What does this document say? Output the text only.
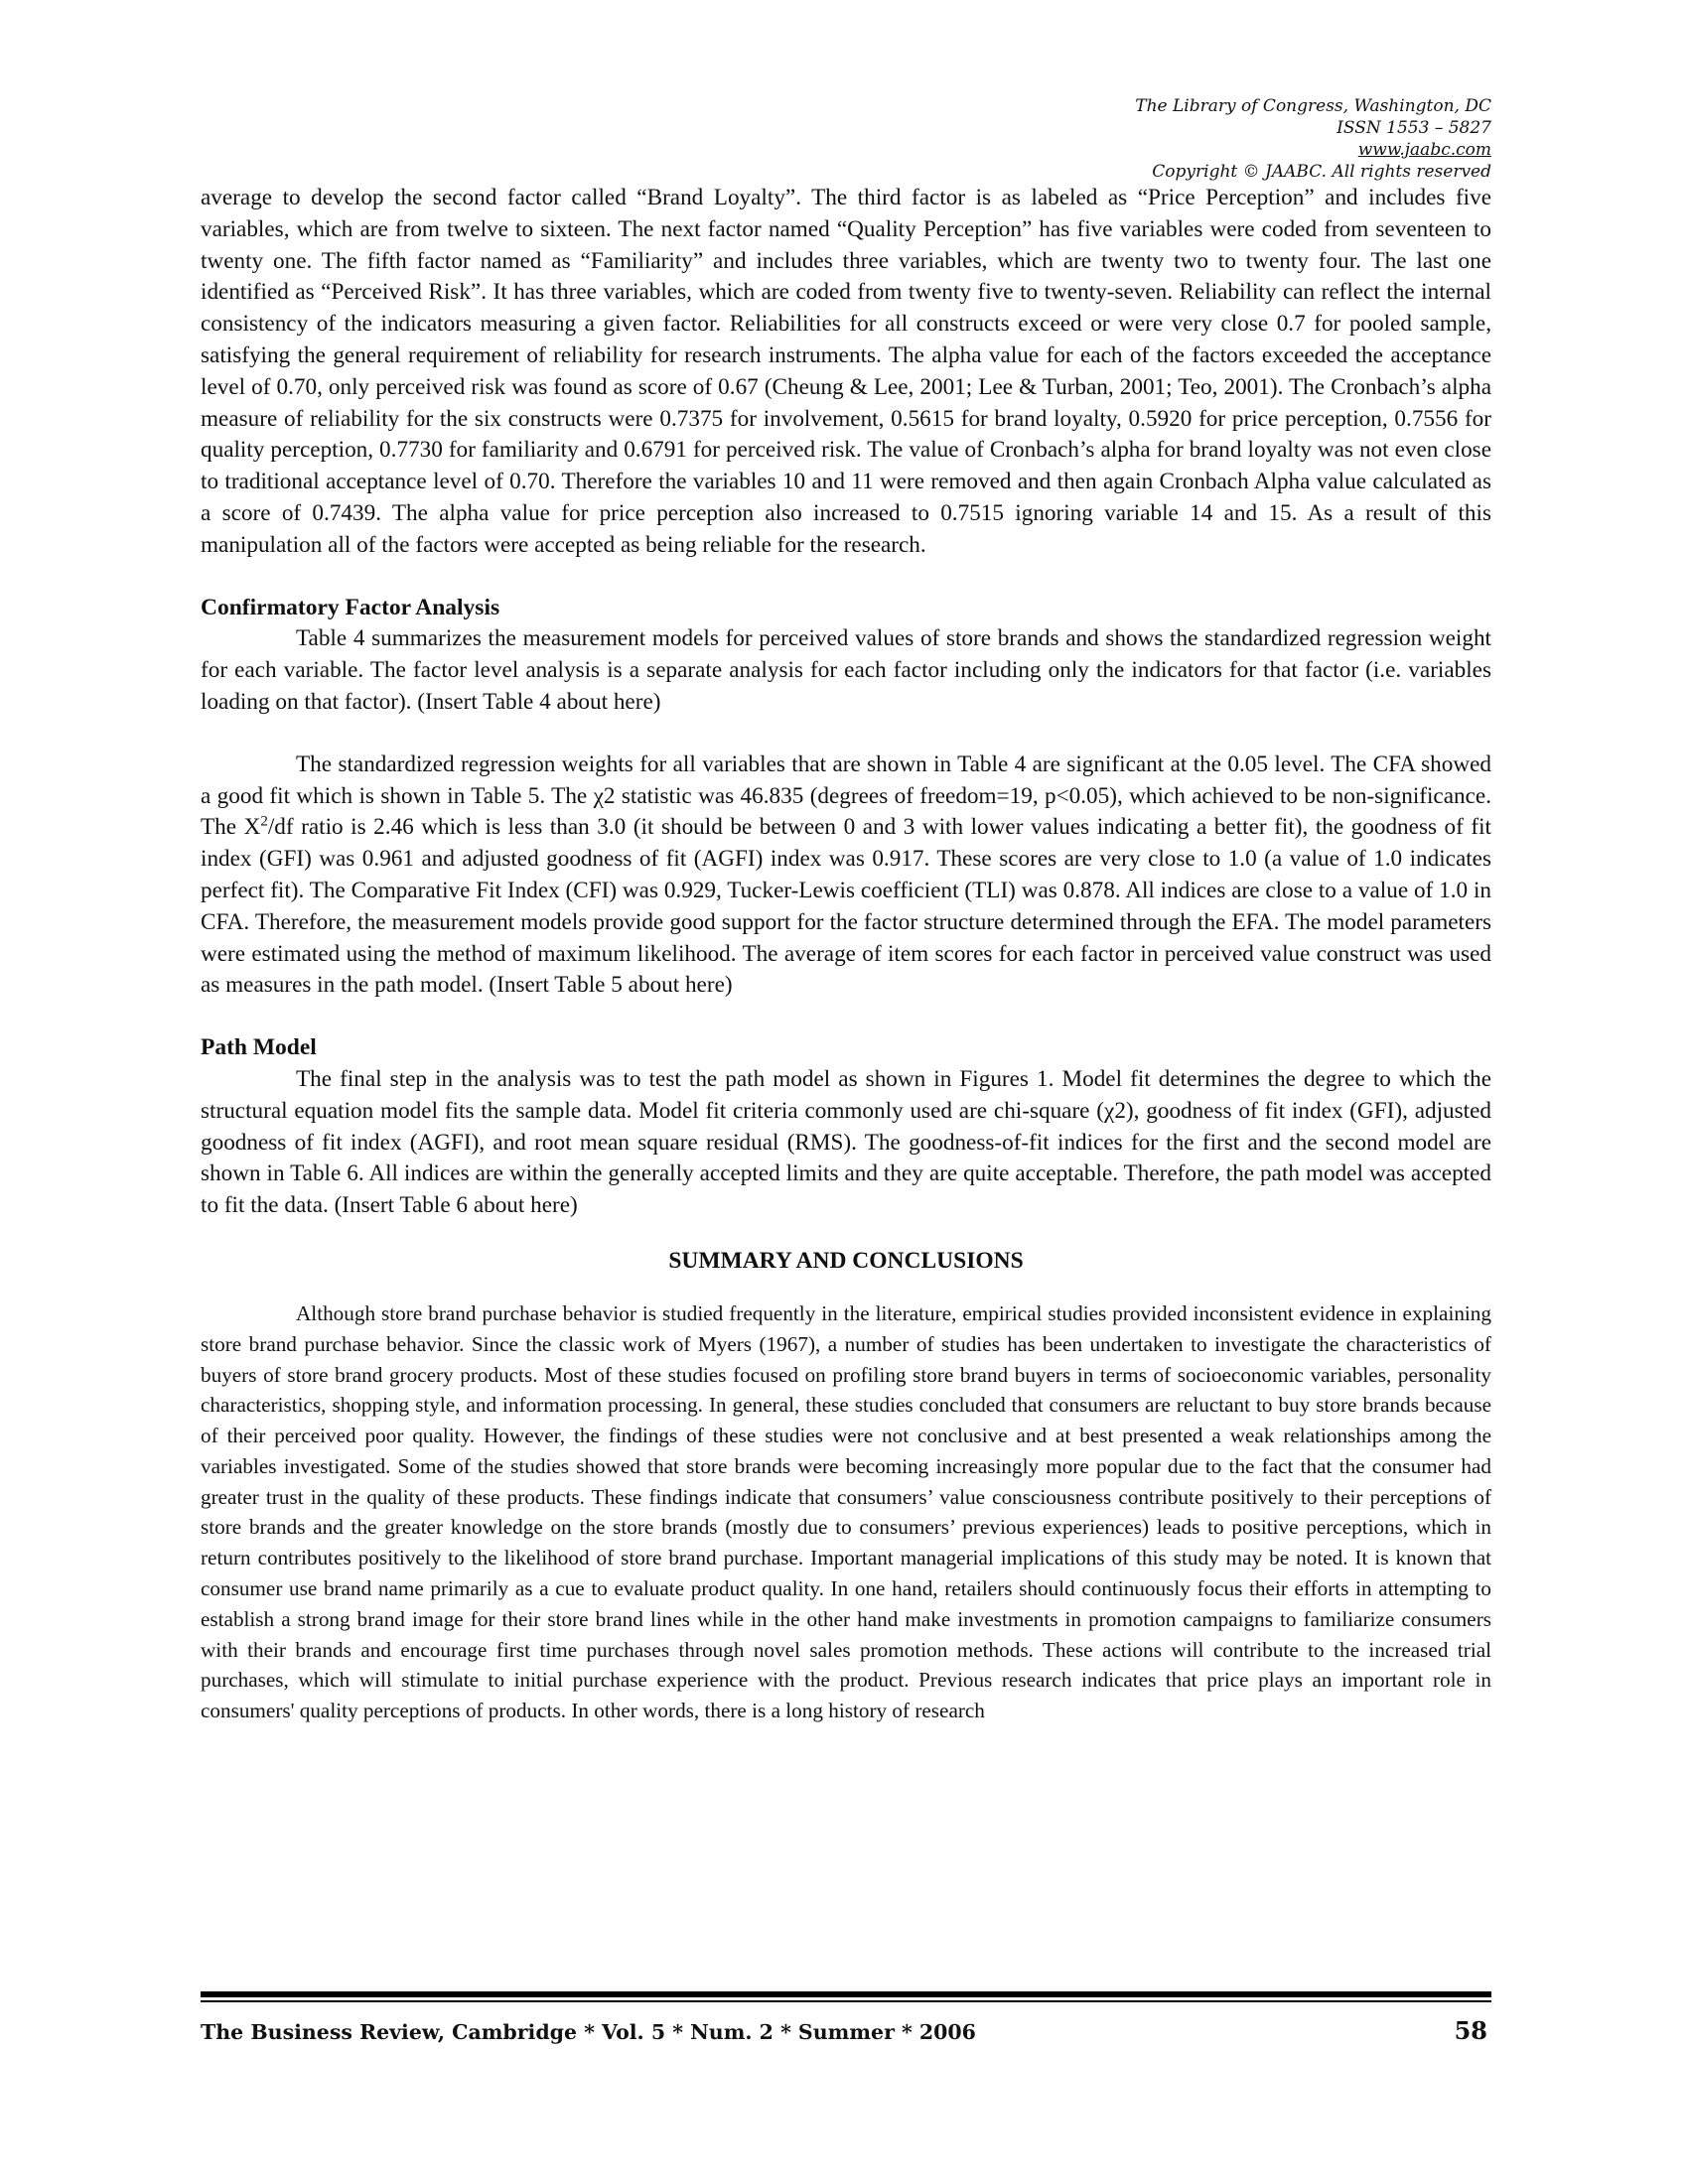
The Library of Congress, Washington, DC
ISSN 1553 – 5827
www.jaabc.com
Copyright © JAABC. All rights reserved

average to develop the second factor called “Brand Loyalty”. The third factor is as labeled as “Price Perception” and includes five variables, which are from twelve to sixteen. The next factor named “Quality Perception” has five variables were coded from seventeen to twenty one. The fifth factor named as “Familiarity” and includes three variables, which are twenty two to twenty four. The last one identified as “Perceived Risk”. It has three variables, which are coded from twenty five to twenty-seven. Reliability can reflect the internal consistency of the indicators measuring a given factor. Reliabilities for all constructs exceed or were very close 0.7 for pooled sample, satisfying the general requirement of reliability for research instruments. The alpha value for each of the factors exceeded the acceptance level of 0.70, only perceived risk was found as score of 0.67 (Cheung & Lee, 2001; Lee & Turban, 2001; Teo, 2001). The Cronbach’s alpha measure of reliability for the six constructs were 0.7375 for involvement, 0.5615 for brand loyalty, 0.5920 for price perception, 0.7556 for quality perception, 0.7730 for familiarity and 0.6791 for perceived risk. The value of Cronbach’s alpha for brand loyalty was not even close to traditional acceptance level of 0.70. Therefore the variables 10 and 11 were removed and then again Cronbach Alpha value calculated as a score of 0.7439. The alpha value for price perception also increased to 0.7515 ignoring variable 14 and 15. As a result of this manipulation all of the factors were accepted as being reliable for the research.

Confirmatory Factor Analysis

Table 4 summarizes the measurement models for perceived values of store brands and shows the standardized regression weight for each variable. The factor level analysis is a separate analysis for each factor including only the indicators for that factor (i.e. variables loading on that factor). (Insert Table 4 about here)

The standardized regression weights for all variables that are shown in Table 4 are significant at the 0.05 level. The CFA showed a good fit which is shown in Table 5. The χ2 statistic was 46.835 (degrees of freedom=19, p<0.05), which achieved to be non-significance. The $X^2/df$ ratio is 2.46 which is less than 3.0 (it should be between 0 and 3 with lower values indicating a better fit), the goodness of fit index (GFI) was 0.961 and adjusted goodness of fit (AGFI) index was 0.917. These scores are very close to 1.0 (a value of 1.0 indicates perfect fit). The Comparative Fit Index (CFI) was 0.929, Tucker-Lewis coefficient (TLI) was 0.878. All indices are close to a value of 1.0 in CFA. Therefore, the measurement models provide good support for the factor structure determined through the EFA. The model parameters were estimated using the method of maximum likelihood. The average of item scores for each factor in perceived value construct was used as measures in the path model. (Insert Table 5 about here)

Path Model

The final step in the analysis was to test the path model as shown in Figures 1. Model fit determines the degree to which the structural equation model fits the sample data. Model fit criteria commonly used are chi-square (χ2), goodness of fit index (GFI), adjusted goodness of fit index (AGFI), and root mean square residual (RMS). The goodness-of-fit indices for the first and the second model are shown in Table 6. All indices are within the generally accepted limits and they are quite acceptable. Therefore, the path model was accepted to fit the data. (Insert Table 6 about here)

SUMMARY AND CONCLUSIONS

Although store brand purchase behavior is studied frequently in the literature, empirical studies provided inconsistent evidence in explaining store brand purchase behavior. Since the classic work of Myers (1967), a number of studies has been undertaken to investigate the characteristics of buyers of store brand grocery products. Most of these studies focused on profiling store brand buyers in terms of socioeconomic variables, personality characteristics, shopping style, and information processing. In general, these studies concluded that consumers are reluctant to buy store brands because of their perceived poor quality. However, the findings of these studies were not conclusive and at best presented a weak relationships among the variables investigated. Some of the studies showed that store brands were becoming increasingly more popular due to the fact that the consumer had greater trust in the quality of these products. These findings indicate that consumers’ value consciousness contribute positively to their perceptions of store brands and the greater knowledge on the store brands (mostly due to consumers’ previous experiences) leads to positive perceptions, which in return contributes positively to the likelihood of store brand purchase. Important managerial implications of this study may be noted. It is known that consumer use brand name primarily as a cue to evaluate product quality. In one hand, retailers should continuously focus their efforts in attempting to establish a strong brand image for their store brand lines while in the other hand make investments in promotion campaigns to familiarize consumers with their brands and encourage first time purchases through novel sales promotion methods. These actions will contribute to the increased trial purchases, which will stimulate to initial purchase experience with the product. Previous research indicates that price plays an important role in consumers' quality perceptions of products. In other words, there is a long history of research

The Business Review, Cambridge * Vol. 5 * Num. 2 * Summer * 2006	58
